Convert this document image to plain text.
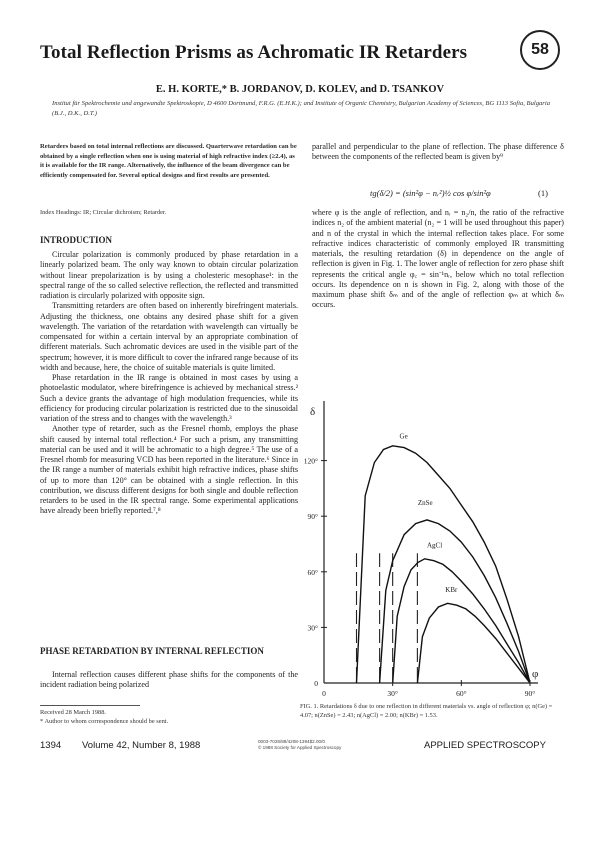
Total Reflection Prisms as Achromatic IR Retarders	58
E. H. KORTE,* B. JORDANOV, D. KOLEV, and D. TSANKOV
Institut für Spektrochemie und angewandte Spektroskopie, D 4600 Dortmund, F.R.G. (E.H.K.); and Institute of Organic Chemistry, Bulgarian Academy of Sciences, BG 1113 Sofia, Bulgaria (B.J., D.K., D.T.)
Retarders based on total internal reflections are discussed. Quarterwave retardation can be obtained by a single reflection when one is using material of high refractive index (≥2.4), as it is available for the IR range. Alternatively, the influence of the beam divergence can be efficiently compensated for. Several optical designs and first results are presented.
Index Headings: IR; Circular dichroism; Retarder.
INTRODUCTION

Circular polarization is commonly produced by phase retardation in a linearly polarized beam. The only way known to obtain circular polarization without linear prepolarization is by using a cholesteric mesophase¹: in the spectral range of the so called selective reflection, the reflected and transmitted radiation is circularly polarized with opposite sign.

Transmitting retarders are often based on inherently birefringent materials. Adjusting the thickness, one obtains any desired phase shift for a given wavelength. The variation of the retardation with wavelength can virtually be compensated for within a certain interval by an appropriate combination of different materials. Such achromatic devices are used in the visible part of the spectrum; however, it is more difficult to cover the infrared range because of its width and because, here, the choice of suitable materials is quite limited.

Phase retardation in the IR range is obtained in most cases by using a photoelastic modulator, where birefringence is achieved by mechanical stress.² Such a device grants the advantage of high modulation frequencies, while its efficiency for producing circular polarization is restricted due to the sinusoidal variation of the stress and to changes with the wavelength.³

Another type of retarder, such as the Fresnel rhomb, employs the phase shift caused by internal total reflection.⁴ For such a prism, any transmitting material can be used and it will be achromatic to a high degree.⁵ The use of a Fresnel rhomb for measuring VCD has been reported in the literature.⁶ Since in the IR range a number of materials exhibit high refractive indices, phase shifts of up to more than 120° can be obtained with a single reflection. In this contribution, we discuss different designs for both single and double reflection retarders to be used in the IR spectral range. Some experimental applications have already been briefly reported.⁷,⁸

PHASE RETARDATION BY INTERNAL REFLECTION

Internal reflection causes different phase shifts for the components of the incident radiation being polarized

Received 28 March 1988.
* Author to whom correspondence should be sent.

parallel and perpendicular to the plane of reflection. The phase difference δ between the components of the reflected beam is given by⁹

tg(δ/2) = (sin²φ − nᵣ²)½ cos φ/sin²φ	(1)

where φ is the angle of reflection, and nᵣ = n₂/n, the ratio of the refractive indices n₂ of the ambient material (n₂ = 1 will be used throughout this paper) and n of the crystal in which the internal reflection takes place. For some refractive indices characteristic of commonly employed IR transmitting materials, the resulting retardation (δ) in dependence on the angle of reflection is given in Fig. 1. The lower angle of reflection for zero phase shift represents the critical angle φ꜀ = sin⁻¹nᵣ, below which no total reflection occurs. Its dependence on n is shown in Fig. 2, along with those of the maximum phase shift δₘ and of the angle of reflection φₘ at which δₘ occurs.

δ
φ
Ge
ZnSe
AgCl
KBr
0
30°
60°
90°
120°
0	30°	60°	90°
FIG. 1. Retardations δ due to one reflection in different materials vs. angle of reflection φ; n(Ge) = 4.07; n(ZnSe) = 2.43; n(AgCl) = 2.00; n(KBr) = 1.53.
1394 Volume 42, Number 8, 1988	0003-7028/88/4208-1394$2.00/0
© 1988 Society for Applied Spectroscopy	APPLIED SPECTROSCOPY
